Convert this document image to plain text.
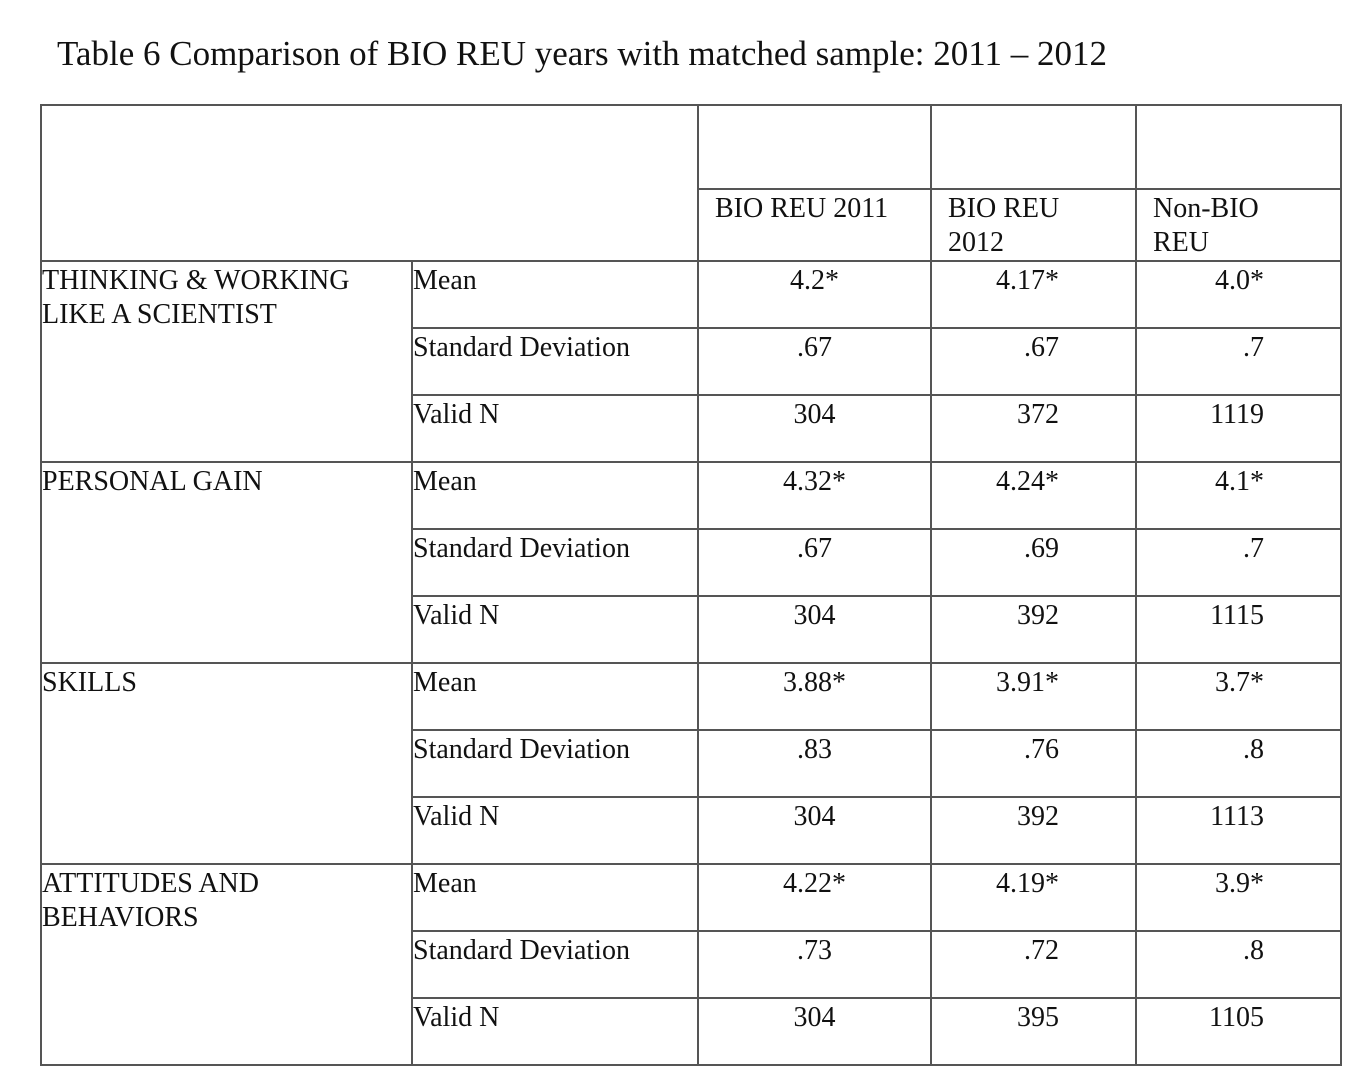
Table 6 Comparison of BIO REU years with matched sample: 2011 – 2012

		BIO REU 2011	BIO REU 2012	Non-BIO REU

THINKING & WORKING LIKE A SCIENTIST	Mean	4.2*	4.17*	4.0*

	Standard Deviation	.67	.67	.7

	Valid N	304	372	1119

PERSONAL GAIN	Mean	4.32*	4.24*	4.1*

	Standard Deviation	.67	.69	.7

	Valid N	304	392	1115

SKILLS	Mean	3.88*	3.91*	3.7*

	Standard Deviation	.83	.76	.8

	Valid N	304	392	1113

ATTITUDES AND BEHAVIORS	Mean	4.22*	4.19*	3.9*

	Standard Deviation	.73	.72	.8

	Valid N	304	395	1105
